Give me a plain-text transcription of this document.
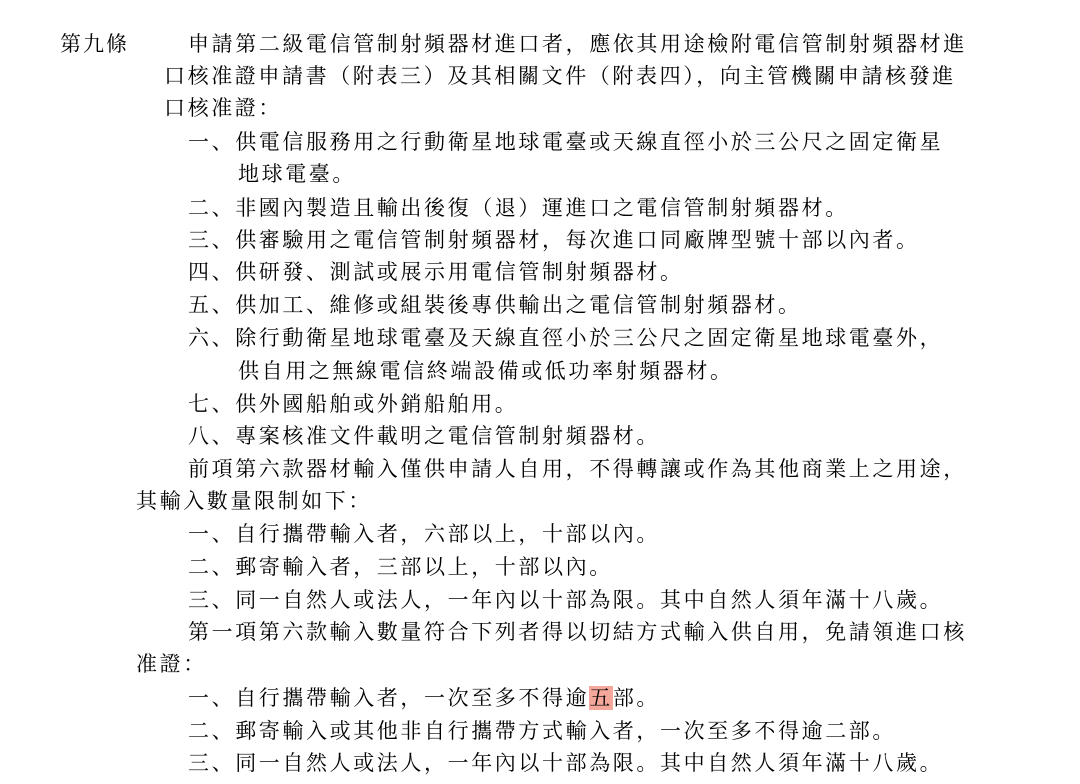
第九條	申請第二級電信管制射頻器材進口者，應依其用途檢附電信管制射頻器材進
口核准證申請書（附表三）及其相關文件（附表四），向主管機關申請核發進
口核准證：
一、供電信服務用之行動衛星地球電臺或天線直徑小於三公尺之固定衛星
地球電臺。
二、非國內製造且輸出後復（退）運進口之電信管制射頻器材。
三、供審驗用之電信管制射頻器材，每次進口同廠牌型號十部以內者。
四、供研發、測試或展示用電信管制射頻器材。
五、供加工、維修或組裝後專供輸出之電信管制射頻器材。
六、除行動衛星地球電臺及天線直徑小於三公尺之固定衛星地球電臺外，
供自用之無線電信終端設備或低功率射頻器材。
七、供外國船舶或外銷船舶用。
八、專案核准文件載明之電信管制射頻器材。
前項第六款器材輸入僅供申請人自用，不得轉讓或作為其他商業上之用途，
其輸入數量限制如下：
一、自行攜帶輸入者，六部以上，十部以內。
二、郵寄輸入者，三部以上，十部以內。
三、同一自然人或法人，一年內以十部為限。其中自然人須年滿十八歲。
第一項第六款輸入數量符合下列者得以切結方式輸入供自用，免請領進口核
准證：
一、自行攜帶輸入者，一次至多不得逾五部。
二、郵寄輸入或其他非自行攜帶方式輸入者，一次至多不得逾二部。
三、同一自然人或法人，一年內以十部為限。其中自然人須年滿十八歲。
